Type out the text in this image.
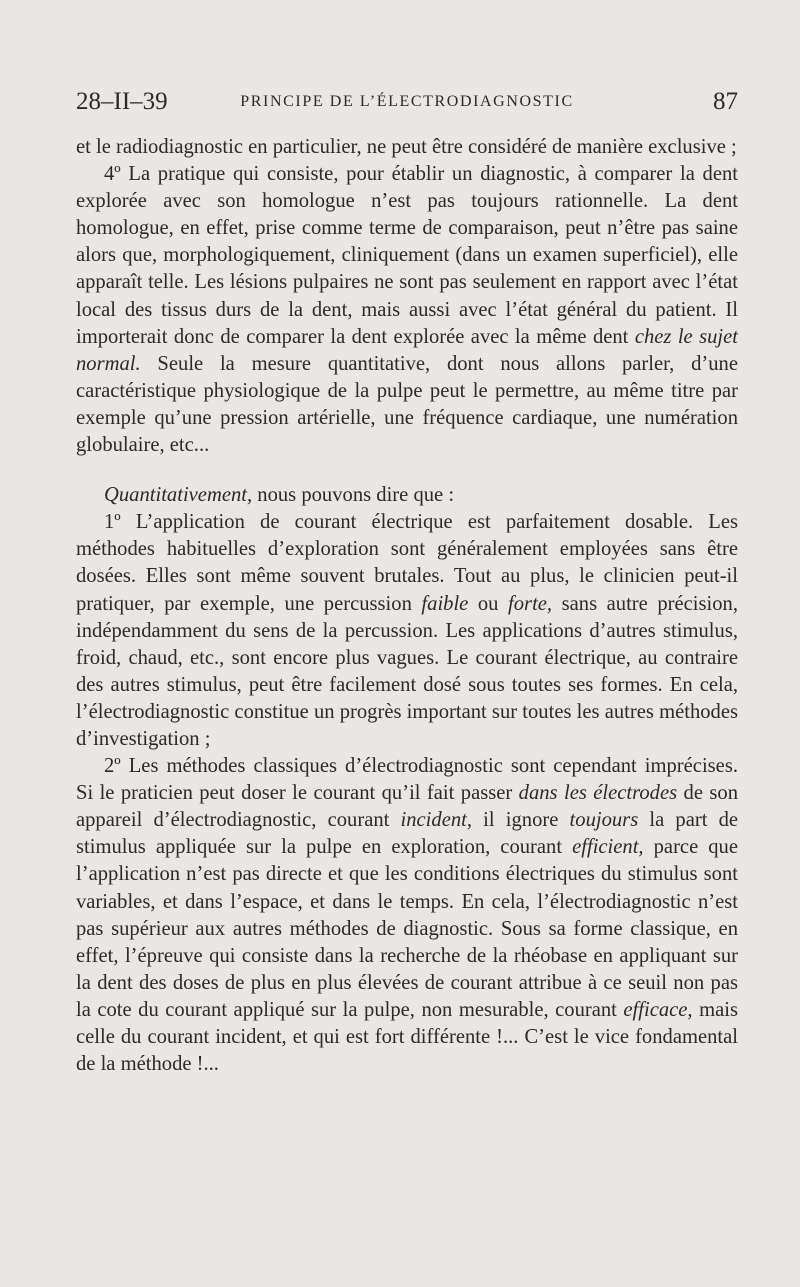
28–II–39	PRINCIPE DE L’ÉLECTRODIAGNOSTIC	87

et le radiodiagnostic en particulier, ne peut être considéré de manière exclusive ;

4º La pratique qui consiste, pour établir un diagnostic, à comparer la dent explorée avec son homologue n’est pas toujours rationnelle. La dent homologue, en effet, prise comme terme de comparaison, peut n’être pas saine alors que, morphologiquement, cliniquement (dans un examen superficiel), elle apparaît telle. Les lésions pulpaires ne sont pas seulement en rapport avec l’état local des tissus durs de la dent, mais aussi avec l’état général du patient. Il importerait donc de comparer la dent explorée avec la même dent chez le sujet normal. Seule la mesure quantitative, dont nous allons parler, d’une caractéristique physiologique de la pulpe peut le permettre, au même titre par exemple qu’une pression artérielle, une fréquence cardiaque, une numération globulaire, etc...

Quantitativement, nous pouvons dire que :

1º L’application de courant électrique est parfaitement dosable. Les méthodes habituelles d’exploration sont généralement employées sans être dosées. Elles sont même souvent brutales. Tout au plus, le clinicien peut-il pratiquer, par exemple, une percussion faible ou forte, sans autre précision, indépendamment du sens de la percussion. Les applications d’autres stimulus, froid, chaud, etc., sont encore plus vagues. Le courant électrique, au contraire des autres stimulus, peut être facilement dosé sous toutes ses formes. En cela, l’électrodiagnostic constitue un progrès important sur toutes les autres méthodes d’investigation ;

2º Les méthodes classiques d’électrodiagnostic sont cependant imprécises. Si le praticien peut doser le courant qu’il fait passer dans les électrodes de son appareil d’électrodiagnostic, courant incident, il ignore toujours la part de stimulus appliquée sur la pulpe en exploration, courant efficient, parce que l’application n’est pas directe et que les conditions électriques du stimulus sont variables, et dans l’espace, et dans le temps. En cela, l’électrodiagnostic n’est pas supérieur aux autres méthodes de diagnostic. Sous sa forme classique, en effet, l’épreuve qui consiste dans la recherche de la rhéobase en appliquant sur la dent des doses de plus en plus élevées de courant attribue à ce seuil non pas la cote du courant appliqué sur la pulpe, non mesurable, courant efficace, mais celle du courant incident, et qui est fort différente !... C’est le vice fondamental de la méthode !...
